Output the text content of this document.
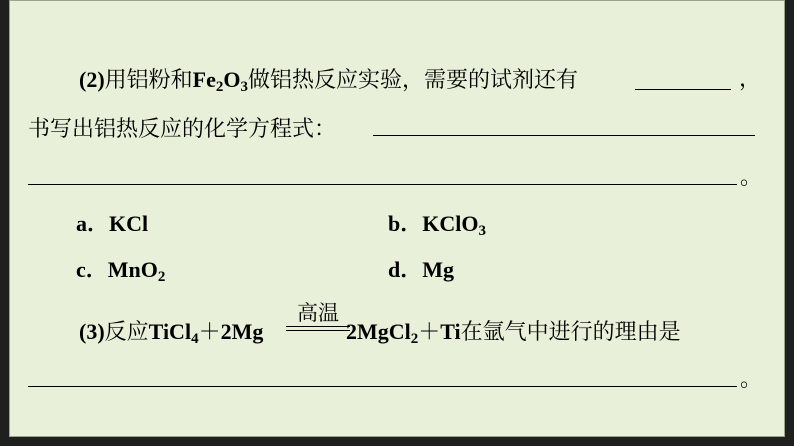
(2)用铝粉和$Fe_2O_3$做铝热反应实验，需要的试剂还有	，
书写出铝热反应的化学方程式：
。
a．KCl	b．KClO$_3$
c．MnO$_2$	d．Mg
(3)反应TiCl$_4$＋2Mg
高温
2MgCl$_2$＋Ti在氩气中进行的理由是
。
